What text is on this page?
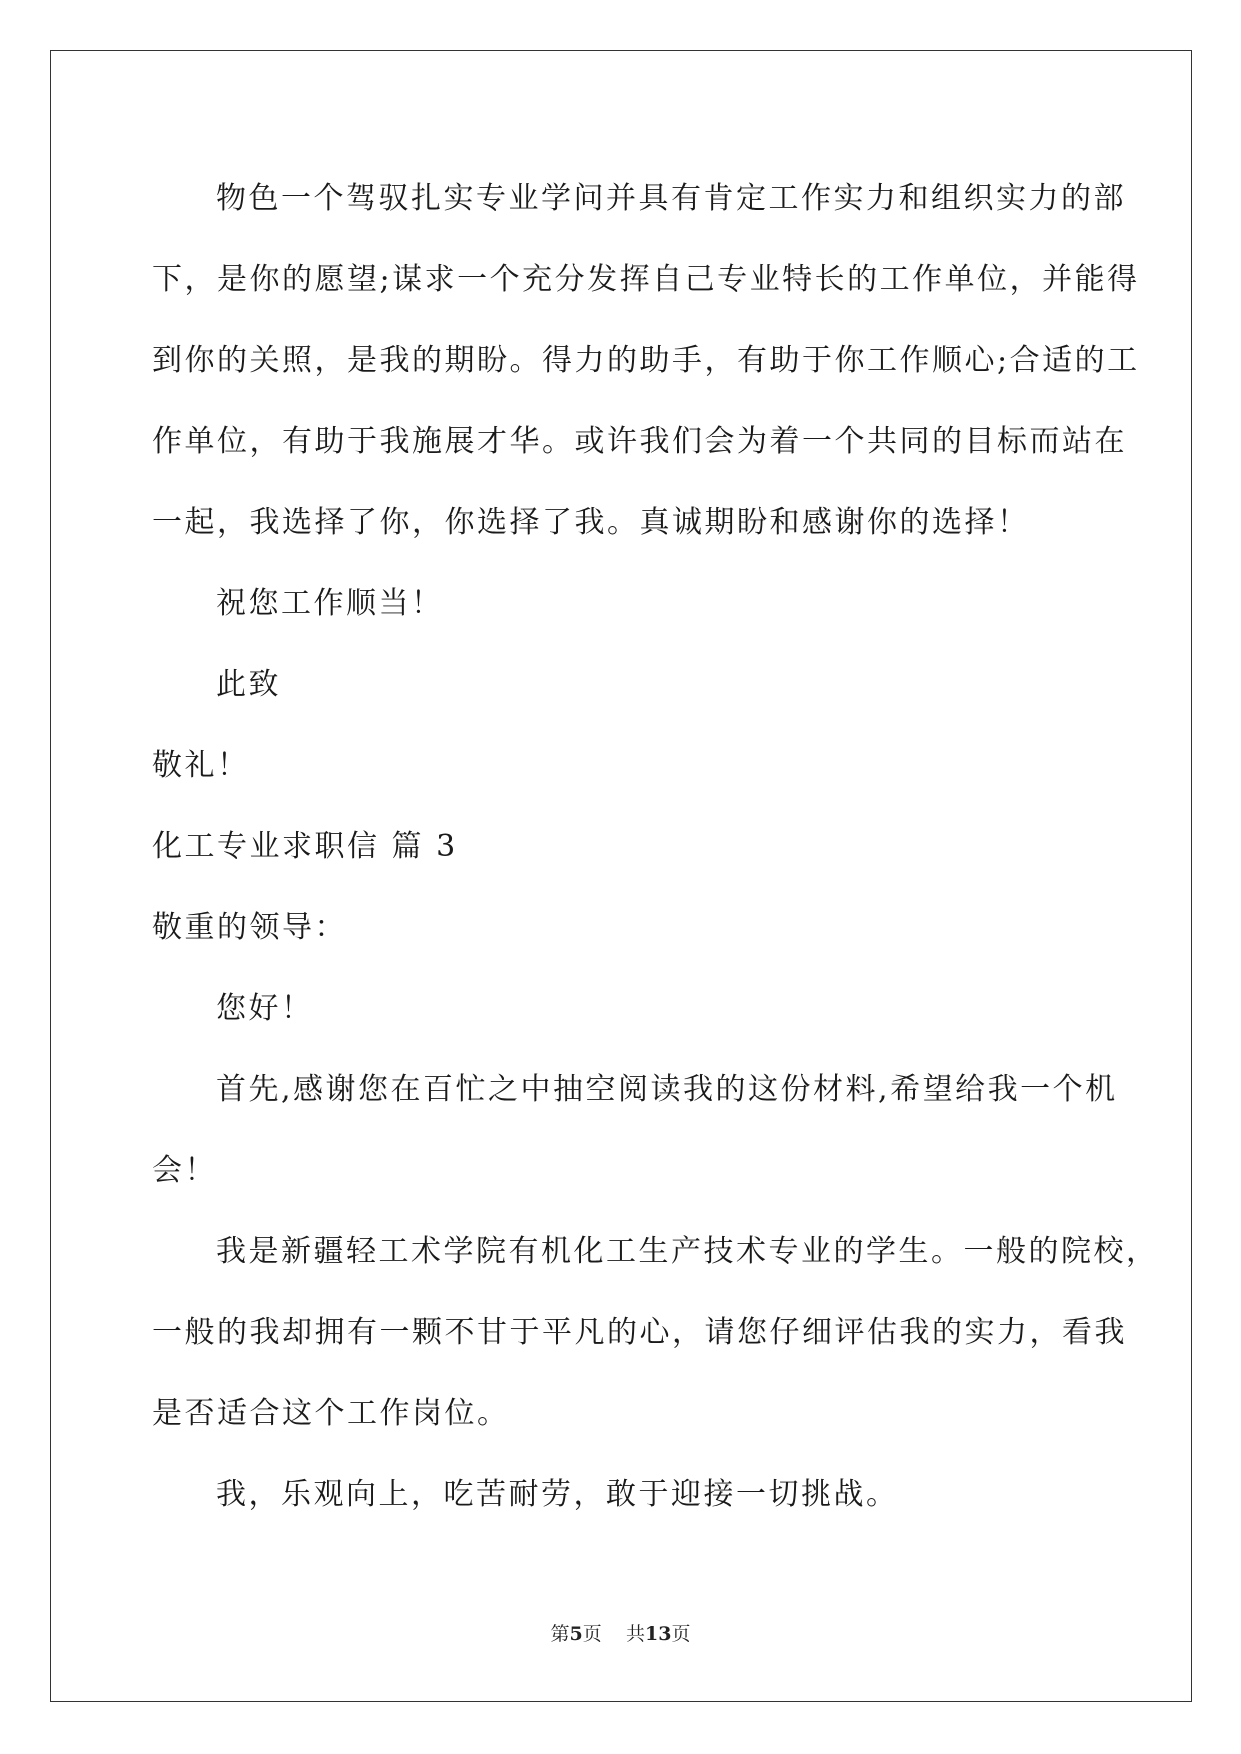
物色一个驾驭扎实专业学问并具有肯定工作实力和组织实力的部
下，是你的愿望;谋求一个充分发挥自己专业特长的工作单位，并能得
到你的关照，是我的期盼。得力的助手，有助于你工作顺心;合适的工
作单位，有助于我施展才华。或许我们会为着一个共同的目标而站在
一起，我选择了你，你选择了我。真诚期盼和感谢你的选择！
祝您工作顺当！
此致
敬礼！
化工专业求职信 篇 3
敬重的领导：
您好！
首先,感谢您在百忙之中抽空阅读我的这份材料,希望给我一个机
会！
我是新疆轻工术学院有机化工生产技术专业的学生。一般的院校，
一般的我却拥有一颗不甘于平凡的心，请您仔细评估我的实力，看我
是否适合这个工作岗位。
我，乐观向上，吃苦耐劳，敢于迎接一切挑战。
第5页 共13页
